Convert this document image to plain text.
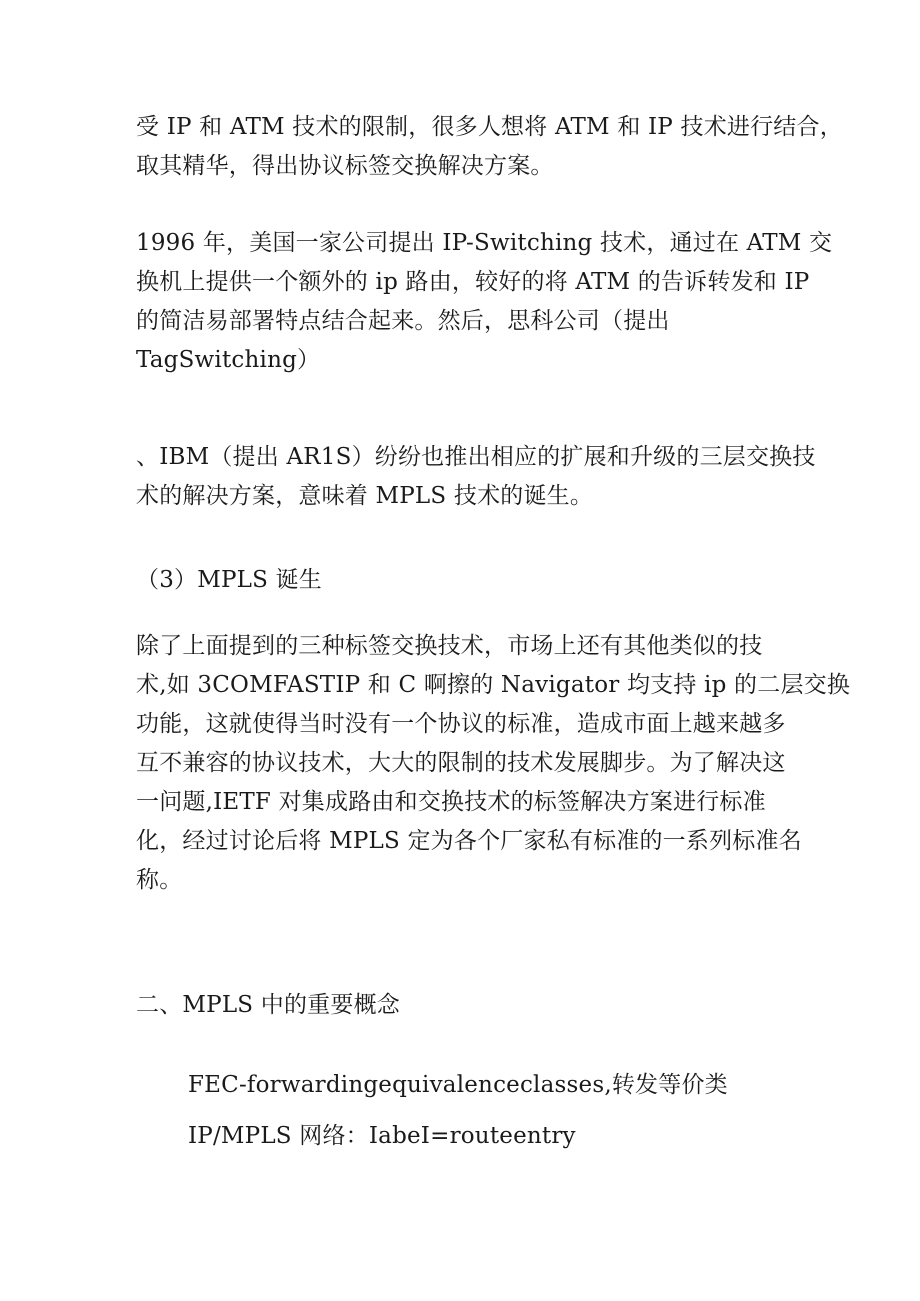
受 IP 和 ATM 技术的限制，很多人想将 ATM 和 IP 技术进行结合，
取其精华，得出协议标签交换解决方案。

1996 年，美国一家公司提出 IP-Switching 技术，通过在 ATM 交
换机上提供一个额外的 ip 路由，较好的将 ATM 的告诉转发和 IP
的简洁易部署特点结合起来。然后，思科公司（提出
TagSwitching）

、IBM（提出 AR1S）纷纷也推出相应的扩展和升级的三层交换技
术的解决方案，意味着 MPLS 技术的诞生。

（3）MPLS 诞生

除了上面提到的三种标签交换技术，市场上还有其他类似的技
术,如 3COMFASTIP 和 C 啊擦的 Navigator 均支持 ip 的二层交换
功能，这就使得当时没有一个协议的标准，造成市面上越来越多
互不兼容的协议技术，大大的限制的技术发展脚步。为了解决这
一问题,IETF 对集成路由和交换技术的标签解决方案进行标准
化，经过讨论后将 MPLS 定为各个厂家私有标准的一系列标准名
称。

二、MPLS 中的重要概念

FEC-forwardingequivalenceclasses,转发等价类

IP/MPLS 网络：IabeI=routeentry
